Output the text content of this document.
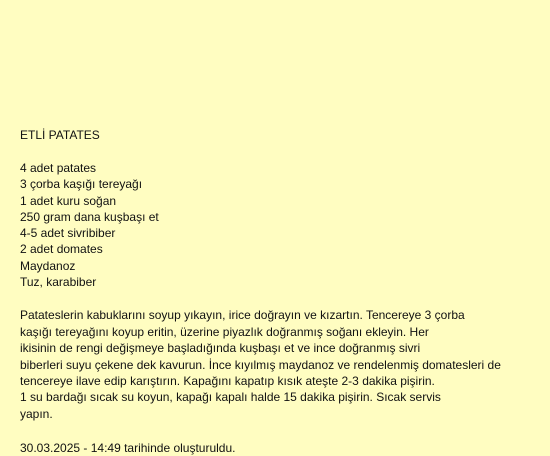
ETLİ PATATES
4 adet patates
3 çorba kaşığı tereyağı
1 adet kuru soğan
250 gram dana kuşbaşı et
4-5 adet sivribiber
2 adet domates
Maydanoz
Tuz, karabiber
Patateslerin kabuklarını soyup yıkayın, irice doğrayın ve kızartın. Tencereye 3 çorba
kaşığı tereyağını koyup eritin, üzerine piyazlık doğranmış soğanı ekleyin. Her
ikisinin de rengi değişmeye başladığında kuşbaşı et ve ince doğranmış sivri
biberleri suyu çekene dek kavurun. İnce kıyılmış maydanoz ve rendelenmiş domatesleri de
tencereye ilave edip karıştırın. Kapağını kapatıp kısık ateşte 2-3 dakika pişirin.
1 su bardağı sıcak su koyun, kapağı kapalı halde 15 dakika pişirin. Sıcak servis
yapın.
30.03.2025 - 14:49 tarihinde oluşturuldu.
